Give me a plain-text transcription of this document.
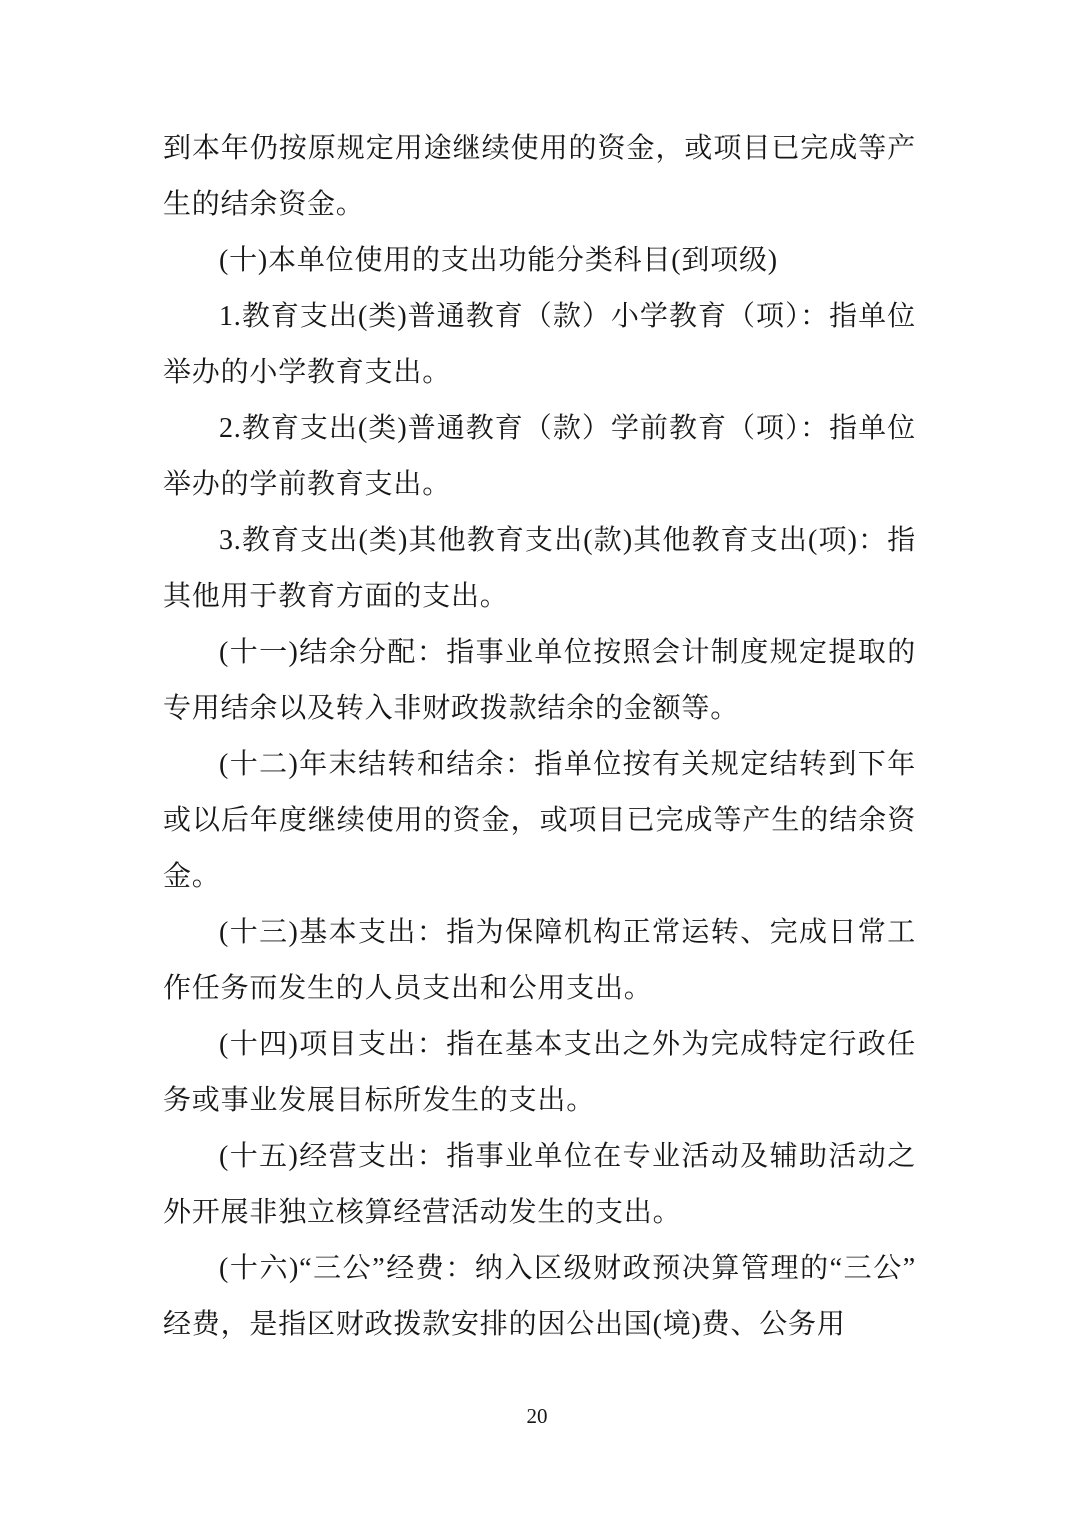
到本年仍按原规定用途继续使用的资金，或项目已完成等产生的结余资金。

(十)本单位使用的支出功能分类科目(到项级)

1.教育支出(类)普通教育（款）小学教育（项）：指单位举办的小学教育支出。

2.教育支出(类)普通教育（款）学前教育（项）：指单位举办的学前教育支出。

3.教育支出(类)其他教育支出(款)其他教育支出(项)：指其他用于教育方面的支出。

(十一)结余分配：指事业单位按照会计制度规定提取的专用结余以及转入非财政拨款结余的金额等。

(十二)年末结转和结余：指单位按有关规定结转到下年或以后年度继续使用的资金，或项目已完成等产生的结余资金。

(十三)基本支出：指为保障机构正常运转、完成日常工作任务而发生的人员支出和公用支出。

(十四)项目支出：指在基本支出之外为完成特定行政任务或事业发展目标所发生的支出。

(十五)经营支出：指事业单位在专业活动及辅助活动之外开展非独立核算经营活动发生的支出。

(十六)“三公”经费：纳入区级财政预决算管理的“三公”经费，是指区财政拨款安排的因公出国(境)费、公务用

20
